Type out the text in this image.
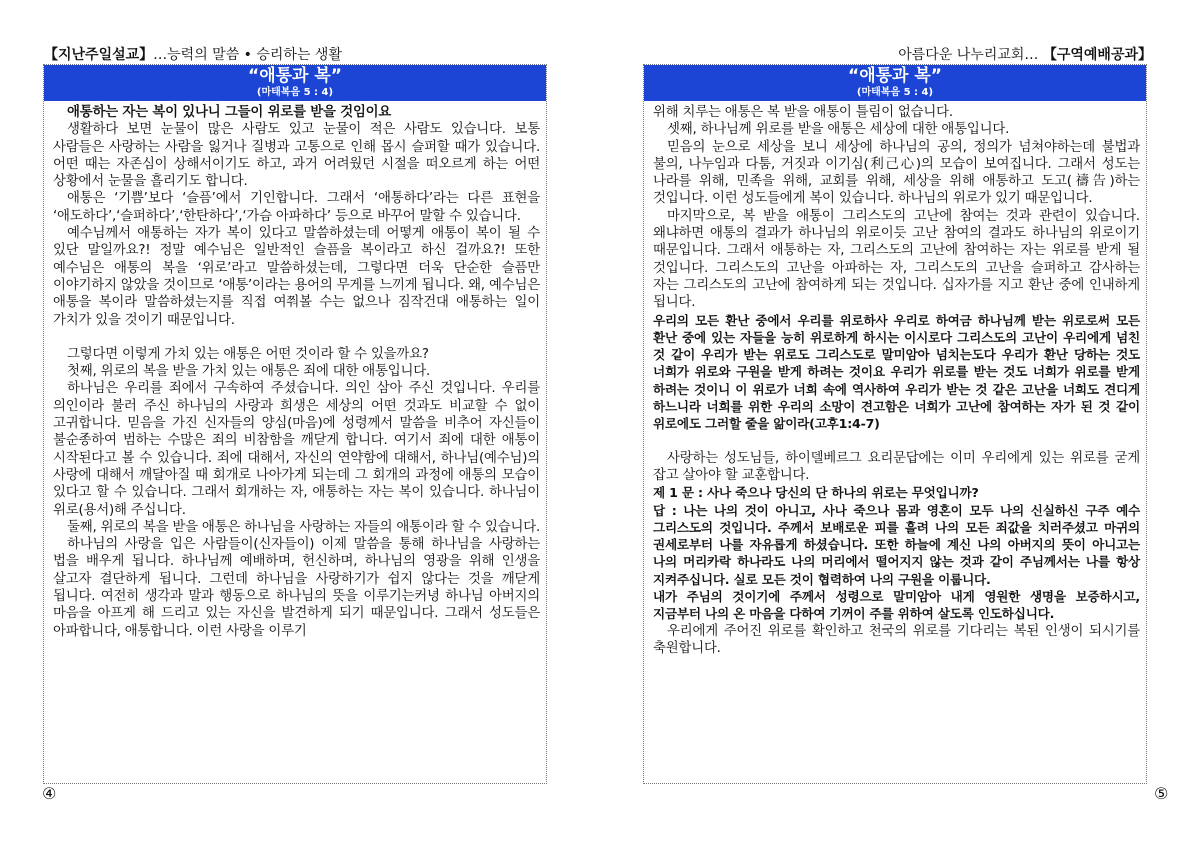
【지난주일설교】…능력의 말씀 • 승리하는 생활	아름다운 나누리교회… 【구역예배공과】
“애통과 복”
(마태복음 5 : 4)

애통하는 자는 복이 있나니 그들이 위로를 받을 것임이요

생활하다 보면 눈물이 많은 사람도 있고 눈물이 적은 사람도 있습니다. 보통 사람들은 사랑하는 사람을 잃거나 질병과 고통으로 인해 몹시 슬퍼할 때가 있습니다. 어떤 때는 자존심이 상해서이기도 하고, 과거 어려웠던 시절을 떠오르게 하는 어떤 상황에서 눈물을 흘리기도 합니다.

애통은 ‘기쁨’보다 ‘슬픔’에서 기인합니다. 그래서 ‘애통하다’라는 다른 표현을 ‘애도하다’,‘슬퍼하다’,‘한탄하다’,‘가슴 아파하다’ 등으로 바꾸어 말할 수 있습니다.

예수님께서 애통하는 자가 복이 있다고 말씀하셨는데 어떻게 애통이 복이 될 수 있단 말일까요?! 정말 예수님은 일반적인 슬픔을 복이라고 하신 걸까요?! 또한 예수님은 애통의 복을 ‘위로’라고 말씀하셨는데, 그렇다면 더욱 단순한 슬픔만 이야기하지 않았을 것이므로 ‘애통’이라는 용어의 무게를 느끼게 됩니다. 왜, 예수님은 애통을 복이라 말씀하셨는지를 직접 여쭤볼 수는 없으나 짐작건대 애통하는 일이 가치가 있을 것이기 때문입니다.

그렇다면 이렇게 가치 있는 애통은 어떤 것이라 할 수 있을까요?

첫째, 위로의 복을 받을 가치 있는 애통은 죄에 대한 애통입니다.

하나님은 우리를 죄에서 구속하여 주셨습니다. 의인 삼아 주신 것입니다. 우리를 의인이라 불러 주신 하나님의 사랑과 희생은 세상의 어떤 것과도 비교할 수 없이 고귀합니다. 믿음을 가진 신자들의 양심(마음)에 성령께서 말씀을 비추어 자신들이 불순종하여 범하는 수많은 죄의 비참함을 깨닫게 합니다. 여기서 죄에 대한 애통이 시작된다고 볼 수 있습니다. 죄에 대해서, 자신의 연약함에 대해서, 하나님(예수님)의 사랑에 대해서 깨달아질 때 회개로 나아가게 되는데 그 회개의 과정에 애통의 모습이 있다고 할 수 있습니다. 그래서 회개하는 자, 애통하는 자는 복이 있습니다. 하나님이 위로(용서)해 주십니다.

둘째, 위로의 복을 받을 애통은 하나님을 사랑하는 자들의 애통이라 할 수 있습니다.

하나님의 사랑을 입은 사람들이(신자들이) 이제 말씀을 통해 하나님을 사랑하는 법을 배우게 됩니다. 하나님께 예배하며, 헌신하며, 하나님의 영광을 위해 인생을 살고자 결단하게 됩니다. 그런데 하나님을 사랑하기가 쉽지 않다는 것을 깨닫게 됩니다. 여전히 생각과 말과 행동으로 하나님의 뜻을 이루기는커녕 하나님 아버지의 마음을 아프게 해 드리고 있는 자신을 발견하게 되기 때문입니다. 그래서 성도들은 아파합니다, 애통합니다. 이런 사랑을 이루기

“애통과 복”
(마태복음 5 : 4)

위해 치루는 애통은 복 받을 애통이 틀림이 없습니다.

셋째, 하나님께 위로를 받을 애통은 세상에 대한 애통입니다.

믿음의 눈으로 세상을 보니 세상에 하나님의 공의, 정의가 넘쳐야하는데 불법과 불의, 나누임과 다툼, 거짓과 이기심(利己心)의 모습이 보여집니다. 그래서 성도는 나라를 위해, 민족을 위해, 교회를 위해, 세상을 위해 애통하고 도고(禱告)하는 것입니다. 이런 성도들에게 복이 있습니다. 하나님의 위로가 있기 때문입니다.

마지막으로, 복 받을 애통이 그리스도의 고난에 참여는 것과 관련이 있습니다. 왜냐하면 애통의 결과가 하나님의 위로이듯 고난 참여의 결과도 하나님의 위로이기 때문입니다. 그래서 애통하는 자, 그리스도의 고난에 참여하는 자는 위로를 받게 될 것입니다. 그리스도의 고난을 아파하는 자, 그리스도의 고난을 슬퍼하고 감사하는 자는 그리스도의 고난에 참여하게 되는 것입니다. 십자가를 지고 환난 중에 인내하게 됩니다.

우리의 모든 환난 중에서 우리를 위로하사 우리로 하여금 하나님께 받는 위로로써 모든 환난 중에 있는 자들을 능히 위로하게 하시는 이시로다 그리스도의 고난이 우리에게 넘친 것 같이 우리가 받는 위로도 그리스도로 말미암아 넘치는도다 우리가 환난 당하는 것도 너희가 위로와 구원을 받게 하려는 것이요 우리가 위로를 받는 것도 너희가 위로를 받게 하려는 것이니 이 위로가 너희 속에 역사하여 우리가 받는 것 같은 고난을 너희도 견디게 하느니라 너희를 위한 우리의 소망이 견고함은 너희가 고난에 참여하는 자가 된 것 같이 위로에도 그러할 줄을 앎이라(고후1:4-7)

사랑하는 성도님들, 하이델베르그 요리문답에는 이미 우리에게 있는 위로를 굳게 잡고 살아야 할 교훈합니다.

제 1 문 : 사나 죽으나 당신의 단 하나의 위로는 무엇입니까?

답 : 나는 나의 것이 아니고, 사나 죽으나 몸과 영혼이 모두 나의 신실하신 구주 예수 그리스도의 것입니다. 주께서 보배로운 피를 흘려 나의 모든 죄값을 치러주셨고 마귀의 권세로부터 나를 자유롭게 하셨습니다. 또한 하늘에 계신 나의 아버지의 뜻이 아니고는 나의 머리카락 하나라도 나의 머리에서 떨어지지 않는 것과 같이 주님께서는 나를 항상 지켜주십니다. 실로 모든 것이 협력하여 나의 구원을 이룹니다.

내가 주님의 것이기에 주께서 성령으로 말미암아 내게 영원한 생명을 보증하시고, 지금부터 나의 온 마음을 다하여 기꺼이 주를 위하여 살도록 인도하십니다.

우리에게 주어진 위로를 확인하고 천국의 위로를 기다리는 복된 인생이 되시기를 축원합니다.

④	⑤
